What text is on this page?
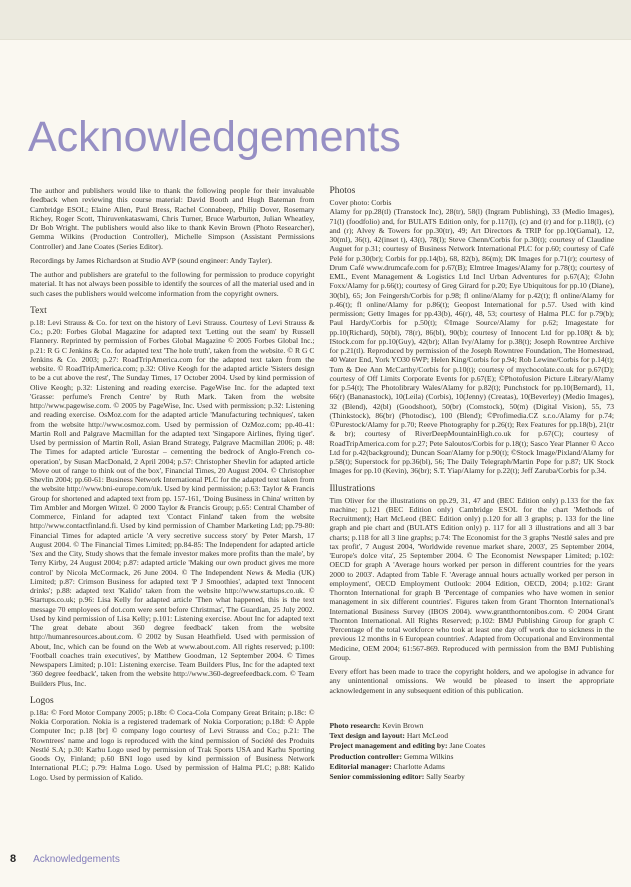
Acknowledgements

The author and publishers would like to thank the following people for their invaluable feedback when reviewing this course material: David Booth and Hugh Bateman from Cambridge ESOL; Elaine Allen, Paul Bress, Rachel Connabeep, Philip Dover, Rosemary Richey, Roger Scott, Thiruvenkataswami, Chris Turner, Bruce Warburton, Julian Wheatley, Dr Bob Wright. The publishers would also like to thank Kevin Brown (Photo Researcher), Gemma Wilkins (Production Controller), Michelle Simpson (Assistant Permissions Controller) and Jane Coates (Series Editor).

Recordings by James Richardson at Studio AVP (sound engineer: Andy Tayler).

The author and publishers are grateful to the following for permission to produce copyright material. It has not always been possible to identify the sources of all the material used and in such cases the publishers would welcome information from the copyright owners.

Text

p.18: Levi Strauss & Co. for text on the history of Levi Strauss. Courtesy of Levi Strauss & Co.; p.20: Forbes Global Magazine for adapted text 'Letting out the seam' by Russell Flannery. Reprinted by permission of Forbes Global Magazine © 2005 Forbes Global Inc.; p.21: R G C Jenkins & Co. for adapted text 'The hole truth', taken from the website. © R G C Jenkins & Co. 2003; p.27: RoadTripAmerica.com for the adapted text taken from the website. © RoadTripAmerica.com; p.32: Olive Keogh for the adapted article 'Sisters design to be a cut above the rest', The Sunday Times, 17 October 2004. Used by kind permission of Olive Keogh; p.32: Listening and reading exercise. PageWise Inc. for the adapted text 'Grasse: perfume's French Centre' by Ruth Mark. Taken from the website http://www.pagewise.com. © 2005 by PageWise, Inc. Used with permission; p.32: Listening and reading exercise. OsMoz.com for the adapted article 'Manufacturing techniques', taken from the website http://www.osmoz.com. Used by permission of OzMoz.com; pp.40-41: Martin Roll and Palgrave Macmillan for the adapted text 'Singapore Airlines, flying tiger'. Used by permission of Martin Roll, Asian Brand Strategy, Palgrave Macmillan 2006; p. 48: The Times for adapted article 'Eurostar – cementing the bedrock of Anglo-French co-operation', by Susan MacDonald, 2 April 2004; p.57: Christopher Shevlin for adapted article 'Move out of range to think out of the box', Financial Times, 20 August 2004. © Christopher Shevlin 2004; pp.60-61: Business Network International PLC for the adapted text taken from the website http://www.bni-europe.com/uk. Used by kind permission; p.63: Taylor & Francis Group for shortened and adapted text from pp. 157-161, 'Doing Business in China' written by Tim Ambler and Morgen Witzel. © 2000 Taylor & Francis Group; p.65: Central Chamber of Commerce, Finland for adapted text 'Contact Finland' taken from the website http://www.contactfinland.fi. Used by kind permission of Chamber Marketing Ltd; pp.79-80: Financial Times for adapted article 'A very secretive success story' by Peter Marsh, 17 August 2004. © The Financial Times Limited; pp.84-85: The Independent for adapted article 'Sex and the City, Study shows that the female investor makes more profits than the male', by Terry Kirby, 24 August 2004; p.87: adapted article 'Making our own product gives me more control' by Nicola McCormack, 26 June 2004. © The Independent News & Media (UK) Limited; p.87: Crimson Business for adapted text 'P J Smoothies', adapted text 'Innocent drinks'; p.88: adapted text 'Kalido' taken from the website http://www.startups.co.uk. © Startups.co.uk; p.96: Lisa Kelly for adapted article 'Then what happened, this is the text message 70 employees of dot.com were sent before Christmas', The Guardian, 25 July 2002. Used by kind permission of Lisa Kelly; p.101: Listening exercise. About Inc for adapted text 'The great debate about 360 degree feedback' taken from the website http://humanresources.about.com. © 2002 by Susan Heathfield. Used with permission of About, Inc, which can be found on the Web at www.about.com. All rights reserved; p.100: 'Football coaches train executives', by Matthew Goodman, 12 September 2004. © Times Newspapers Limited; p.101: Listening exercise. Team Builders Plus, Inc for the adapted text '360 degree feedback', taken from the website http://www.360-degreefeedback.com. © Team Builders Plus, Inc.

Logos

p.18a: © Ford Motor Company 2005; p.18b: © Coca-Cola Company Great Britain; p.18c: © Nokia Corporation. Nokia is a registered trademark of Nokia Corporation; p.18d: © Apple Computer Inc; p.18 [br] © company logo courtesy of Levi Strauss and Co.; p.21: The 'Rowntrees' name and logo is reproduced with the kind permission of Société des Produits Nestlé S.A; p.30: Karhu Logo used by permission of Trak Sports USA and Karhu Sporting Goods Oy, Finland; p.60 BNI logo used by kind permission of Business Network International PLC; p.79: Halma Logo. Used by permission of Halma PLC; p.88: Kalido Logo. Used by permission of Kalido.

Photos

Cover photo: Corbis

Alamy for pp.28(tl) (Transtock Inc), 28(tr), 58(l) (Ingram Publishing), 33 (Medio Images), 71(l) (foodfolio) and, for BULATS Edition only, for p.117(l), (c) and (r) and for p.118(l), (c) and (r); Alvey & Towers for pp.30(tr), 49; Art Directors & TRIP for pp.10(Gamal), 12, 30(ml), 36(t), 42(inset t), 43(t), 78(l); Steve Chenn/Corbis for p.30(t); courtesy of Claudine Auguet for p.31; courtesy of Business Network International PLC for p.60; courtesy of Café Pelé for p.30(br); Corbis for pp.14(b), 68, 82(b), 86(m); DK Images for p.71(r); courtesy of Drum Café www.drumcafe.com for p.67(B); Elmtree Images/Alamy for p.78(t); courtesy of EML, Event Management & Logistics Ltd Incl Urban Adventures for p.67(A); ©John Foxx/Alamy for p.66(t); courtesy of Greg Girard for p.20; Eye Ubiquitous for pp.10 (Diane), 30(bl), 65; Jon Feingersh/Corbis for p.98; fl online/Alamy for p.42(t); fl online/Alamy for p.46(t); fl online/Alamy for p.86(t); Geopost International for p.57. Used with kind permission; Getty Images for pp.43(b), 46(r), 48, 53; courtesy of Halma PLC for p.79(b); Paul Hardy/Corbis for p.50(t); ©Image Source/Alamy for p.62; Imagestate for pp.10(Richard), 50(bl), 78(r), 86(bl), 90(b); courtesy of Innocent Ltd for pp.108(t & b); IStock.com for pp.10(Guy), 42(br); Allan Ivy/Alamy for p.38(t); Joseph Rowntree Archive for p.21(tl). Reproduced by permission of the Joseph Rowntree Foundation, The Homestead, 40 Water End, York YO30 6WP; Helen King/Corbis for p.94; Rob Lewine/Corbis for p.14(t); Tom & Dee Ann McCarthy/Corbis for p.10(t); courtesy of mychocolate.co.uk for p.67(D); courtesy of Off Limits Corporate Events for p.67(E); ©Photofusion Picture Library/Alamy for p.54(t); The Photolibrary Wales/Alamy for p.82(t); Punchstock for pp.10(Bernard), 11, 66(r) (Bananastock), 10(Leila) (Corbis), 10(Jenny) (Creatas), 10(Beverley) (Medio Images), 32 (Blend), 42(bl) (Goodshoot), 50(br) (Comstock), 50(m) (Digital Vision), 55, 73 (Thinkstock), 86(br) (Photodisc), 100 (Blend); ©Profimedia.CZ s.r.o./Alamy for p.74; ©Purestock/Alamy for p.70; Reeve Photography for p.26(t); Rex Features for pp.18(b), 21(tr & br); courtesy of RiverDeepMountainHigh.co.uk for p.67(C); courtesy of RoadTripAmerica.com for p.27; Pete Saloutos/Corbis for p.18(t); Sasco Year Planner © Acco Ltd for p.42(background); Duncan Soar/Alamy for p.90(t); ©Stock Image/Pixland/Alamy for p.58(t); Superstock for pp.36(bl), 56; The Daily Telegraph/Martin Pope for p.87; UK Stock Images for pp.10 (Kevin), 36(br); S.T. Yiap/Alamy for p.22(t); Jeff Zaruba/Corbis for p.34.

Illustrations

Tim Oliver for the illustrations on pp.29, 31, 47 and (BEC Edition only) p.133 for the fax machine; p.121 (BEC Edition only) Cambridge ESOL for the chart 'Methods of Recruitment); Hart McLeod (BEC Edition only) p.120 for all 3 graphs; p. 133 for the line graph and pie chart and (BULATS Edition only) p. 117 for all 3 illustrations and all 3 bar charts; p.118 for all 3 line graphs; p.74: The Economist for the 3 graphs 'Nestlé sales and pre tax profit', 7 August 2004, 'Worldwide revenue market share, 2003', 25 September 2004, 'Europe's dolce vita', 25 September 2004. © The Economist Newspaper Limited; p.102: OECD for graph A 'Average hours worked per person in different countries for the years 2000 to 2003'. Adapted from Table F. 'Average annual hours actually worked per person in employment', OECD Employment Outlook: 2004 Edition, OECD, 2004; p.102: Grant Thornton International for graph B 'Percentage of companies who have women in senior management in six different countries'. Figures taken from Grant Thornton International's International Business Survey (IBOS 2004). www.grantthorntonibos.com. © 2004 Grant Thornton International. All Rights Reserved; p.102: BMJ Publishing Group for graph C 'Percentage of the total workforce who took at least one day off work due to sickness in the previous 12 months in 6 European countries'. Adapted from Occupational and Environmental Medicine, OEM 2004; 61:567-869. Reproduced with permission from the BMJ Publishing Group.

Every effort has been made to trace the copyright holders, and we apologise in advance for any unintentional omissions. We would be pleased to insert the appropriate acknowledgement in any subsequent edition of this publication.

Photo research: Kevin Brown
Text design and layout: Hart McLeod
Project management and editing by: Jane Coates
Production controller: Gemma Wilkins
Editorial manager: Charlotte Adams
Senior commissioning editor: Sally Searby
8 Acknowledgements
